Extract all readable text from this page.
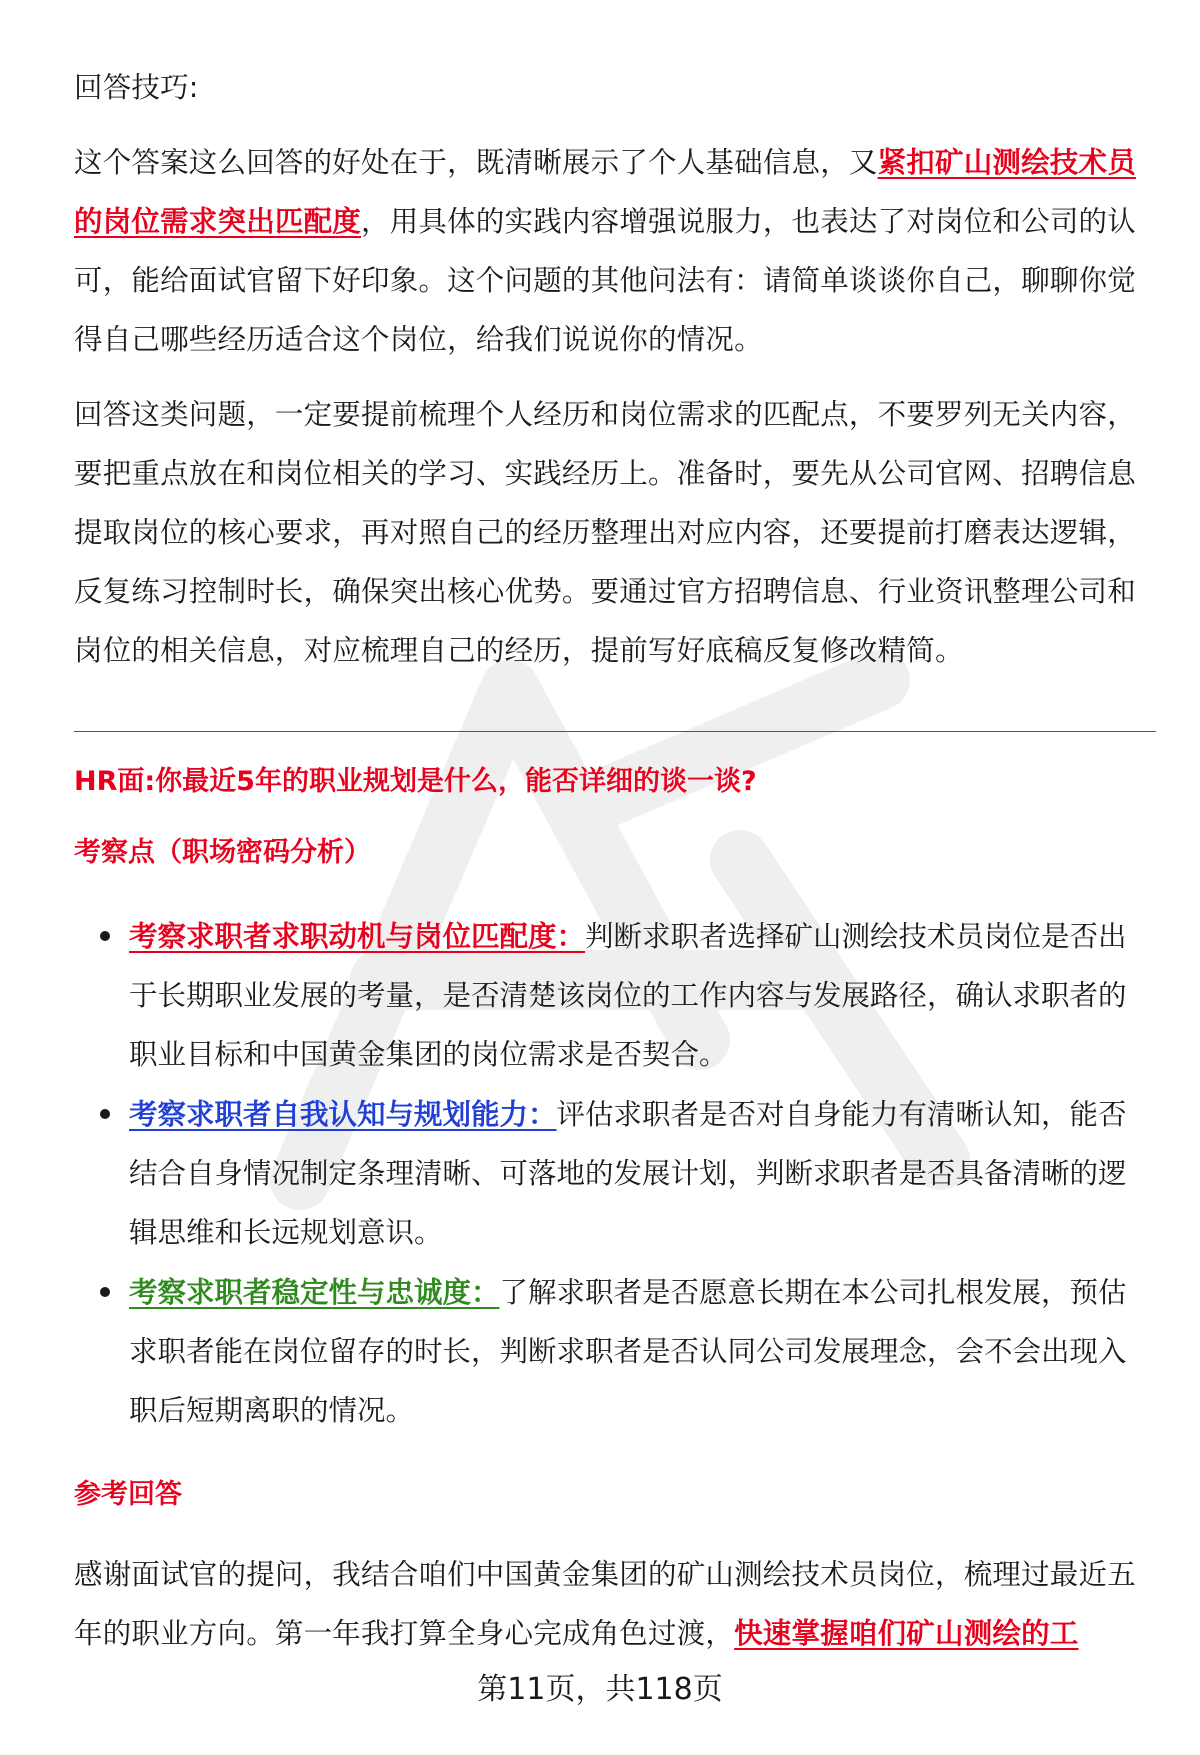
回答技巧:

这个答案这么回答的好处在于，既清晰展示了个人基础信息，又紧扣矿山测绘技术员的岗位需求突出匹配度，用具体的实践内容增强说服力，也表达了对岗位和公司的认可，能给面试官留下好印象。这个问题的其他问法有：请简单谈谈你自己，聊聊你觉得自己哪些经历适合这个岗位，给我们说说你的情况。

回答这类问题，一定要提前梳理个人经历和岗位需求的匹配点，不要罗列无关内容，要把重点放在和岗位相关的学习、实践经历上。准备时，要先从公司官网、招聘信息提取岗位的核心要求，再对照自己的经历整理出对应内容，还要提前打磨表达逻辑，反复练习控制时长，确保突出核心优势。要通过官方招聘信息、行业资讯整理公司和岗位的相关信息，对应梳理自己的经历，提前写好底稿反复修改精简。

HR面:你最近5年的职业规划是什么，能否详细的谈一谈?
考察点（职场密码分析）
考察求职者求职动机与岗位匹配度：判断求职者选择矿山测绘技术员岗位是否出于长期职业发展的考量，是否清楚该岗位的工作内容与发展路径，确认求职者的职业目标和中国黄金集团的岗位需求是否契合。
考察求职者自我认知与规划能力：评估求职者是否对自身能力有清晰认知，能否结合自身情况制定条理清晰、可落地的发展计划，判断求职者是否具备清晰的逻辑思维和长远规划意识。
考察求职者稳定性与忠诚度：了解求职者是否愿意长期在本公司扎根发展，预估求职者能在岗位留存的时长，判断求职者是否认同公司发展理念，会不会出现入职后短期离职的情况。
参考回答

感谢面试官的提问，我结合咱们中国黄金集团的矿山测绘技术员岗位，梳理过最近五年的职业方向。第一年我打算全身心完成角色过渡，快速掌握咱们矿山测绘的工

第11页，共118页
